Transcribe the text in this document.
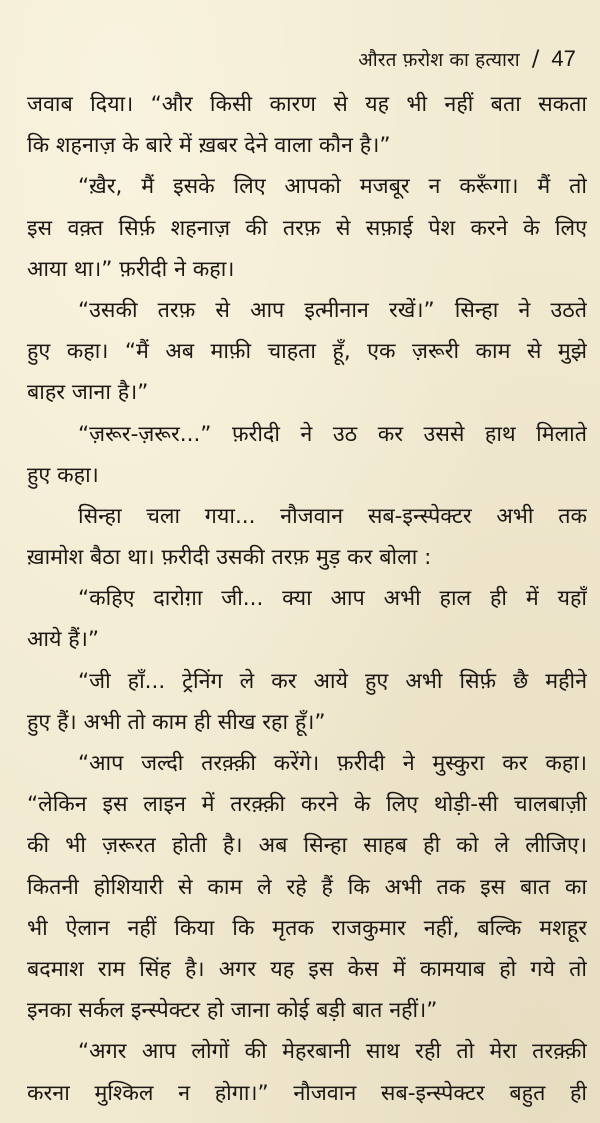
औरत फ़रोश का हत्यारा / 47
जवाब दिया। “और किसी कारण से यह भी नहीं बता सकता
कि शहनाज़ के बारे में ख़बर देने वाला कौन है।”
“ख़ैर, मैं इसके लिए आपको मजबूर न करूँगा। मैं तो
इस वक़्त सिर्फ़ शहनाज़ की तरफ़ से सफ़ाई पेश करने के लिए
आया था।” फ़रीदी ने कहा।
“उसकी तरफ़ से आप इत्मीनान रखें।” सिन्हा ने उठते
हुए कहा। “मैं अब माफ़ी चाहता हूँ, एक ज़रूरी काम से मुझे
बाहर जाना है।”
“ज़रूर-ज़रूर...” फ़रीदी ने उठ कर उससे हाथ मिलाते
हुए कहा।
सिन्हा चला गया... नौजवान सब-इन्स्पेक्टर अभी तक
ख़ामोश बैठा था। फ़रीदी उसकी तरफ़ मुड़ कर बोला :
“कहिए दारोग़ा जी... क्या आप अभी हाल ही में यहाँ
आये हैं।”
“जी हाँ... ट्रेनिंग ले कर आये हुए अभी सिर्फ़ छै महीने
हुए हैं। अभी तो काम ही सीख रहा हूँ।”
“आप जल्दी तरक़्क़ी करेंगे। फ़रीदी ने मुस्कुरा कर कहा।
“लेकिन इस लाइन में तरक़्क़ी करने के लिए थोड़ी-सी चालबाज़ी
की भी ज़रूरत होती है। अब सिन्हा साहब ही को ले लीजिए।
कितनी होशियारी से काम ले रहे हैं कि अभी तक इस बात का
भी ऐलान नहीं किया कि मृतक राजकुमार नहीं, बल्कि मशहूर
बदमाश राम सिंह है। अगर यह इस केस में कामयाब हो गये तो
इनका सर्कल इन्स्पेक्टर हो जाना कोई बड़ी बात नहीं।”
“अगर आप लोगों की मेहरबानी साथ रही तो मेरा तरक़्क़ी
करना मुश्किल न होगा।” नौजवान सब-इन्स्पेक्टर बहुत ही
